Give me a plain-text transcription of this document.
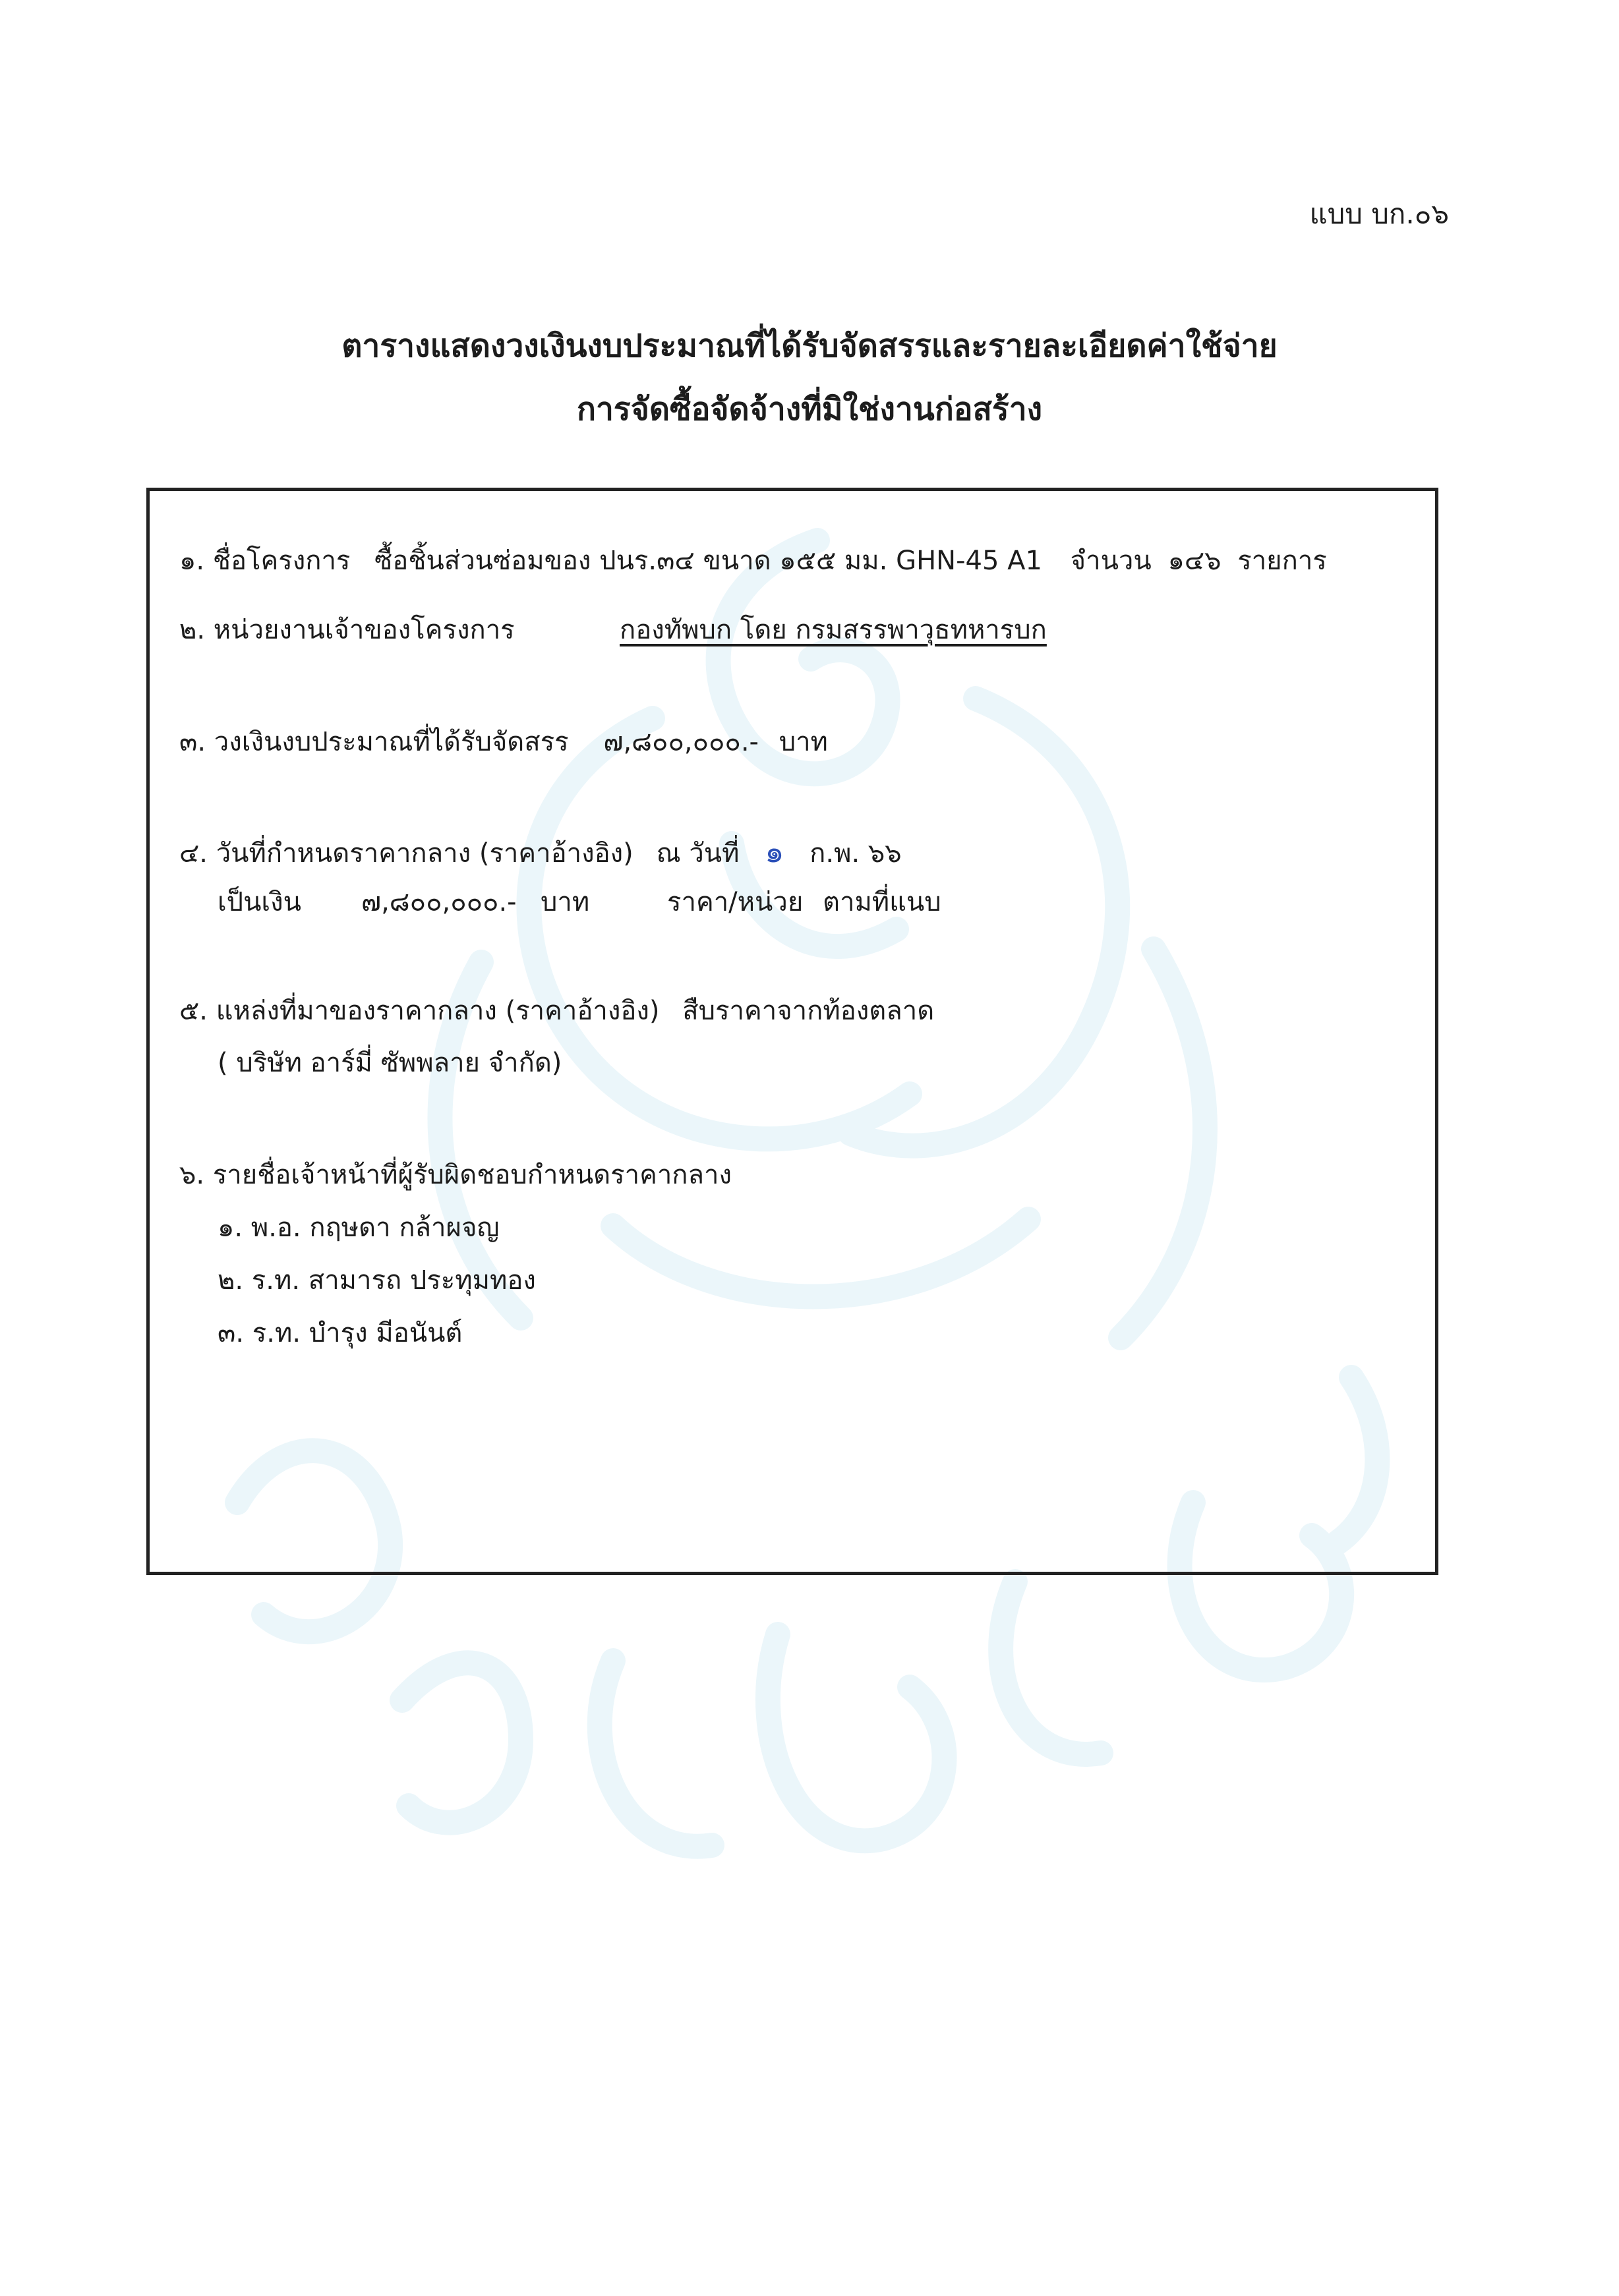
แบบ บก.๐๖
ตารางแสดงวงเงินงบประมาณที่ได้รับจัดสรรและรายละเอียดค่าใช้จ่าย
การจัดซื้อจัดจ้างที่มิใช่งานก่อสร้าง
๑. ชื่อโครงการ ซื้อชิ้นส่วนซ่อมของ ปนร.๓๔ ขนาด ๑๕๕ มม. GHN-45 A1 จำนวน ๑๔๖ รายการ
๒. หน่วยงานเจ้าของโครงการ	กองทัพบก โดย กรมสรรพาวุธทหารบก
๓. วงเงินงบประมาณที่ได้รับจัดสรร ๗,๘๐๐,๐๐๐.- บาท
๔. วันที่กำหนดราคากลาง (ราคาอ้างอิง) ณ วันที่ ๑ ก.พ. ๖๖
เป็นเงิน ๗,๘๐๐,๐๐๐.- บาท	ราคา/หน่วย ตามที่แนบ
๕. แหล่งที่มาของราคากลาง (ราคาอ้างอิง) สืบราคาจากท้องตลาด
( บริษัท อาร์มี่ ซัพพลาย จำกัด)
๖. รายชื่อเจ้าหน้าที่ผู้รับผิดชอบกำหนดราคากลาง
๑. พ.อ. กฤษดา กล้าผจญ
๒. ร.ท. สามารถ ประทุมทอง
๓. ร.ท. บำรุง มีอนันต์
